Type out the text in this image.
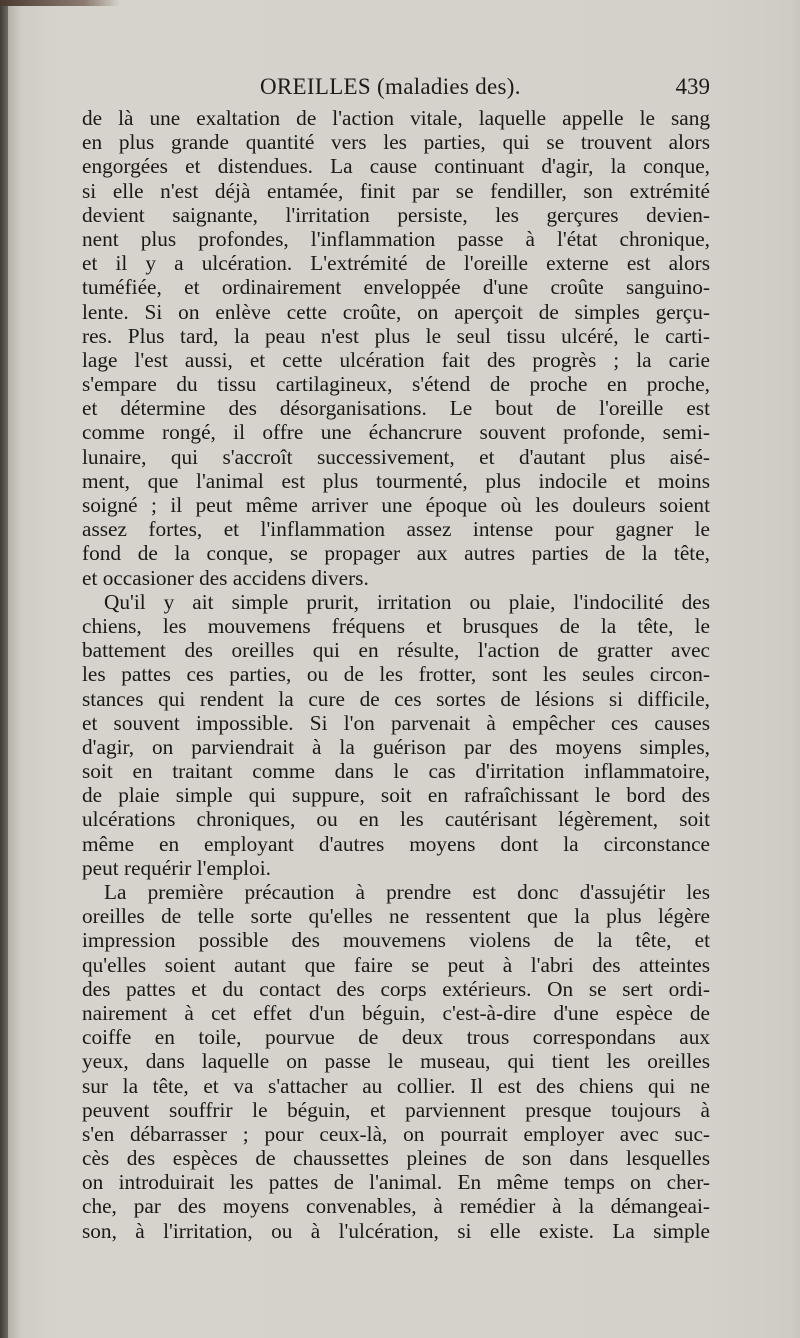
OREILLES (maladies des).	439
de là une exaltation de l'action vitale, laquelle appelle le sang
en plus grande quantité vers les parties, qui se trouvent alors
engorgées et distendues. La cause continuant d'agir, la conque,
si elle n'est déjà entamée, finit par se fendiller, son extrémité
devient saignante, l'irritation persiste, les gerçures devien-
nent plus profondes, l'inflammation passe à l'état chronique,
et il y a ulcération. L'extrémité de l'oreille externe est alors
tuméfiée, et ordinairement enveloppée d'une croûte sanguino-
lente. Si on enlève cette croûte, on aperçoit de simples gerçu-
res. Plus tard, la peau n'est plus le seul tissu ulcéré, le carti-
lage l'est aussi, et cette ulcération fait des progrès ; la carie
s'empare du tissu cartilagineux, s'étend de proche en proche,
et détermine des désorganisations. Le bout de l'oreille est
comme rongé, il offre une échancrure souvent profonde, semi-
lunaire, qui s'accroît successivement, et d'autant plus aisé-
ment, que l'animal est plus tourmenté, plus indocile et moins
soigné ; il peut même arriver une époque où les douleurs soient
assez fortes, et l'inflammation assez intense pour gagner le
fond de la conque, se propager aux autres parties de la tête,
et occasioner des accidens divers.
Qu'il y ait simple prurit, irritation ou plaie, l'indocilité des
chiens, les mouvemens fréquens et brusques de la tête, le
battement des oreilles qui en résulte, l'action de gratter avec
les pattes ces parties, ou de les frotter, sont les seules circon-
stances qui rendent la cure de ces sortes de lésions si difficile,
et souvent impossible. Si l'on parvenait à empêcher ces causes
d'agir, on parviendrait à la guérison par des moyens simples,
soit en traitant comme dans le cas d'irritation inflammatoire,
de plaie simple qui suppure, soit en rafraîchissant le bord des
ulcérations chroniques, ou en les cautérisant légèrement, soit
même en employant d'autres moyens dont la circonstance
peut requérir l'emploi.
La première précaution à prendre est donc d'assujétir les
oreilles de telle sorte qu'elles ne ressentent que la plus légère
impression possible des mouvemens violens de la tête, et
qu'elles soient autant que faire se peut à l'abri des atteintes
des pattes et du contact des corps extérieurs. On se sert ordi-
nairement à cet effet d'un béguin, c'est-à-dire d'une espèce de
coiffe en toile, pourvue de deux trous correspondans aux
yeux, dans laquelle on passe le museau, qui tient les oreilles
sur la tête, et va s'attacher au collier. Il est des chiens qui ne
peuvent souffrir le béguin, et parviennent presque toujours à
s'en débarrasser ; pour ceux-là, on pourrait employer avec suc-
cès des espèces de chaussettes pleines de son dans lesquelles
on introduirait les pattes de l'animal. En même temps on cher-
che, par des moyens convenables, à remédier à la démangeai-
son, à l'irritation, ou à l'ulcération, si elle existe. La simple
